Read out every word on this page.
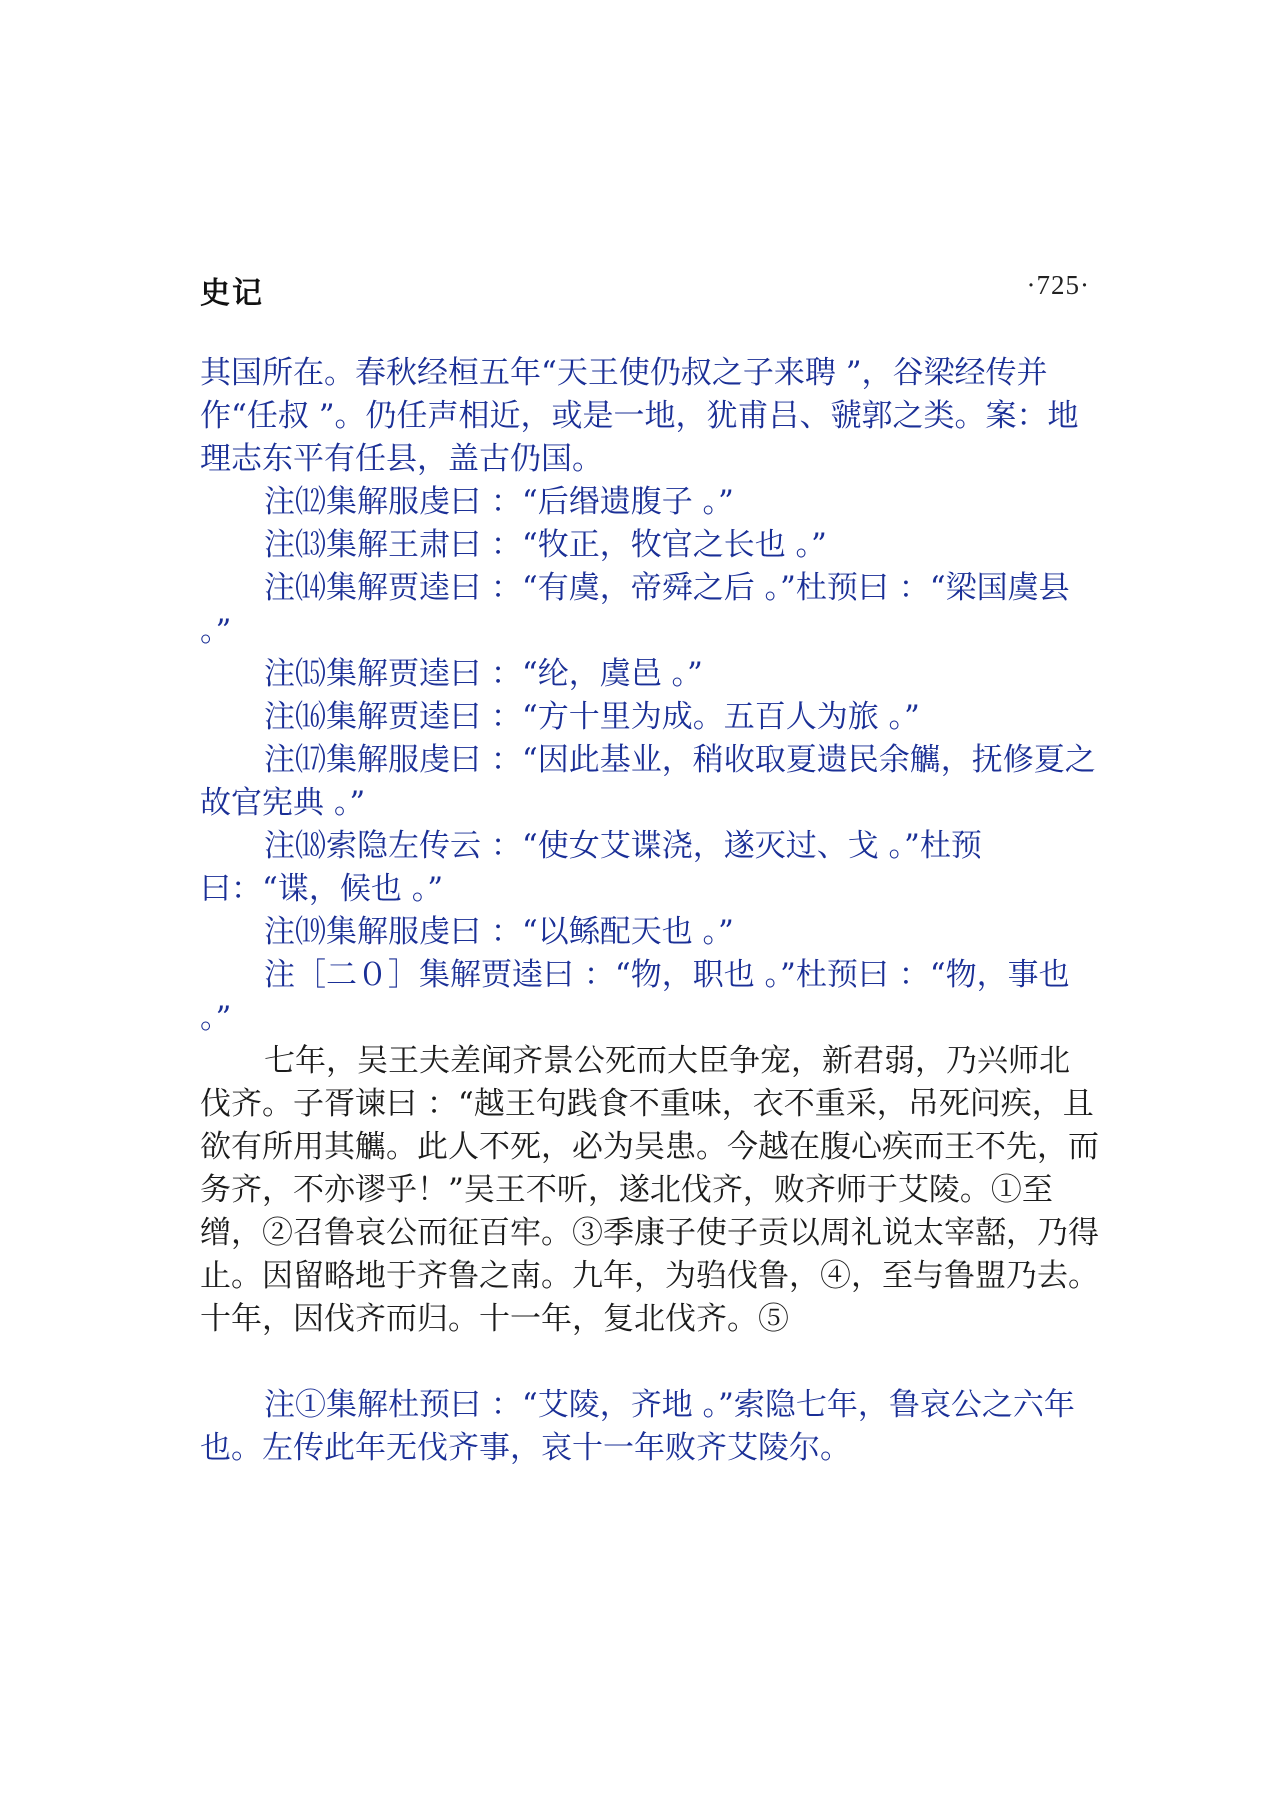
史记	·725·

其国所在。春秋经桓五年“天王使仍叔之子来聘 ”，谷梁经传并作“任叔 ”。仍任声相近，或是一地，犹甫吕、虢郭之类。案：地理志东平有任县，盖古仍国。

注⑿集解服虔曰 ：“后缗遗腹子 。”

注⒀集解王肃曰 ：“牧正，牧官之长也 。”

注⒁集解贾逵曰 ：“有虞，帝舜之后 。”杜预曰 ：“梁国虞县 。”

注⒂集解贾逵曰 ：“纶，虞邑 。”

注⒃集解贾逵曰 ：“方十里为成。五百人为旅 。”

注⒄集解服虔曰 ：“因此基业，稍收取夏遗民余觽，抚修夏之故官宪典 。”

注⒅索隐左传云 ：“使女艾谍浇，遂灭过、戈 。”杜预曰：“谍，候也 。”

注⒆集解服虔曰 ：“以鲧配天也 。”

注［二０］集解贾逵曰 ：“物，职也 。”杜预曰 ：“物，事也 。”

七年，吴王夫差闻齐景公死而大臣争宠，新君弱，乃兴师北伐齐。子胥谏曰 ：“越王句践食不重味，衣不重采，吊死问疾，且欲有所用其觽。此人不死，必为吴患。今越在腹心疾而王不先，而务齐，不亦谬乎！”吴王不听，遂北伐齐，败齐师于艾陵。①至缯，②召鲁哀公而征百牢。③季康子使子贡以周礼说太宰嚭，乃得止。因留略地于齐鲁之南。九年，为驺伐鲁，④，至与鲁盟乃去。十年，因伐齐而归。十一年，复北伐齐。⑤

注①集解杜预曰 ：“艾陵，齐地 。”索隐七年，鲁哀公之六年也。左传此年无伐齐事，哀十一年败齐艾陵尔。
